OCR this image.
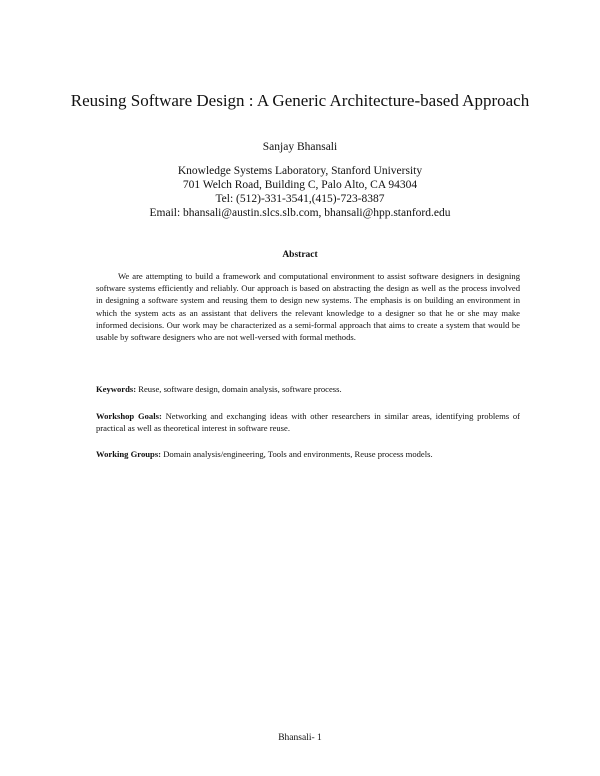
Reusing Software Design : A Generic Architecture-based Approach
Sanjay Bhansali
Knowledge Systems Laboratory, Stanford University
701 Welch Road, Building C, Palo Alto, CA 94304
Tel: (512)-331-3541,(415)-723-8387
Email: bhansali@austin.slcs.slb.com, bhansali@hpp.stanford.edu
Abstract
We are attempting to build a framework and computational environment to assist software designers in designing software systems efficiently and reliably. Our approach is based on abstracting the design as well as the process involved in designing a software system and reusing them to design new systems. The emphasis is on building an environment in which the system acts as an assistant that delivers the relevant knowledge to a designer so that he or she may make informed decisions. Our work may be characterized as a semi-formal approach that aims to create a system that would be usable by software designers who are not well-versed with formal methods.
Keywords: Reuse, software design, domain analysis, software process.
Workshop Goals: Networking and exchanging ideas with other researchers in similar areas, identifying problems of practical as well as theoretical interest in software reuse.
Working Groups: Domain analysis/engineering, Tools and environments, Reuse process models.
Bhansali- 1
